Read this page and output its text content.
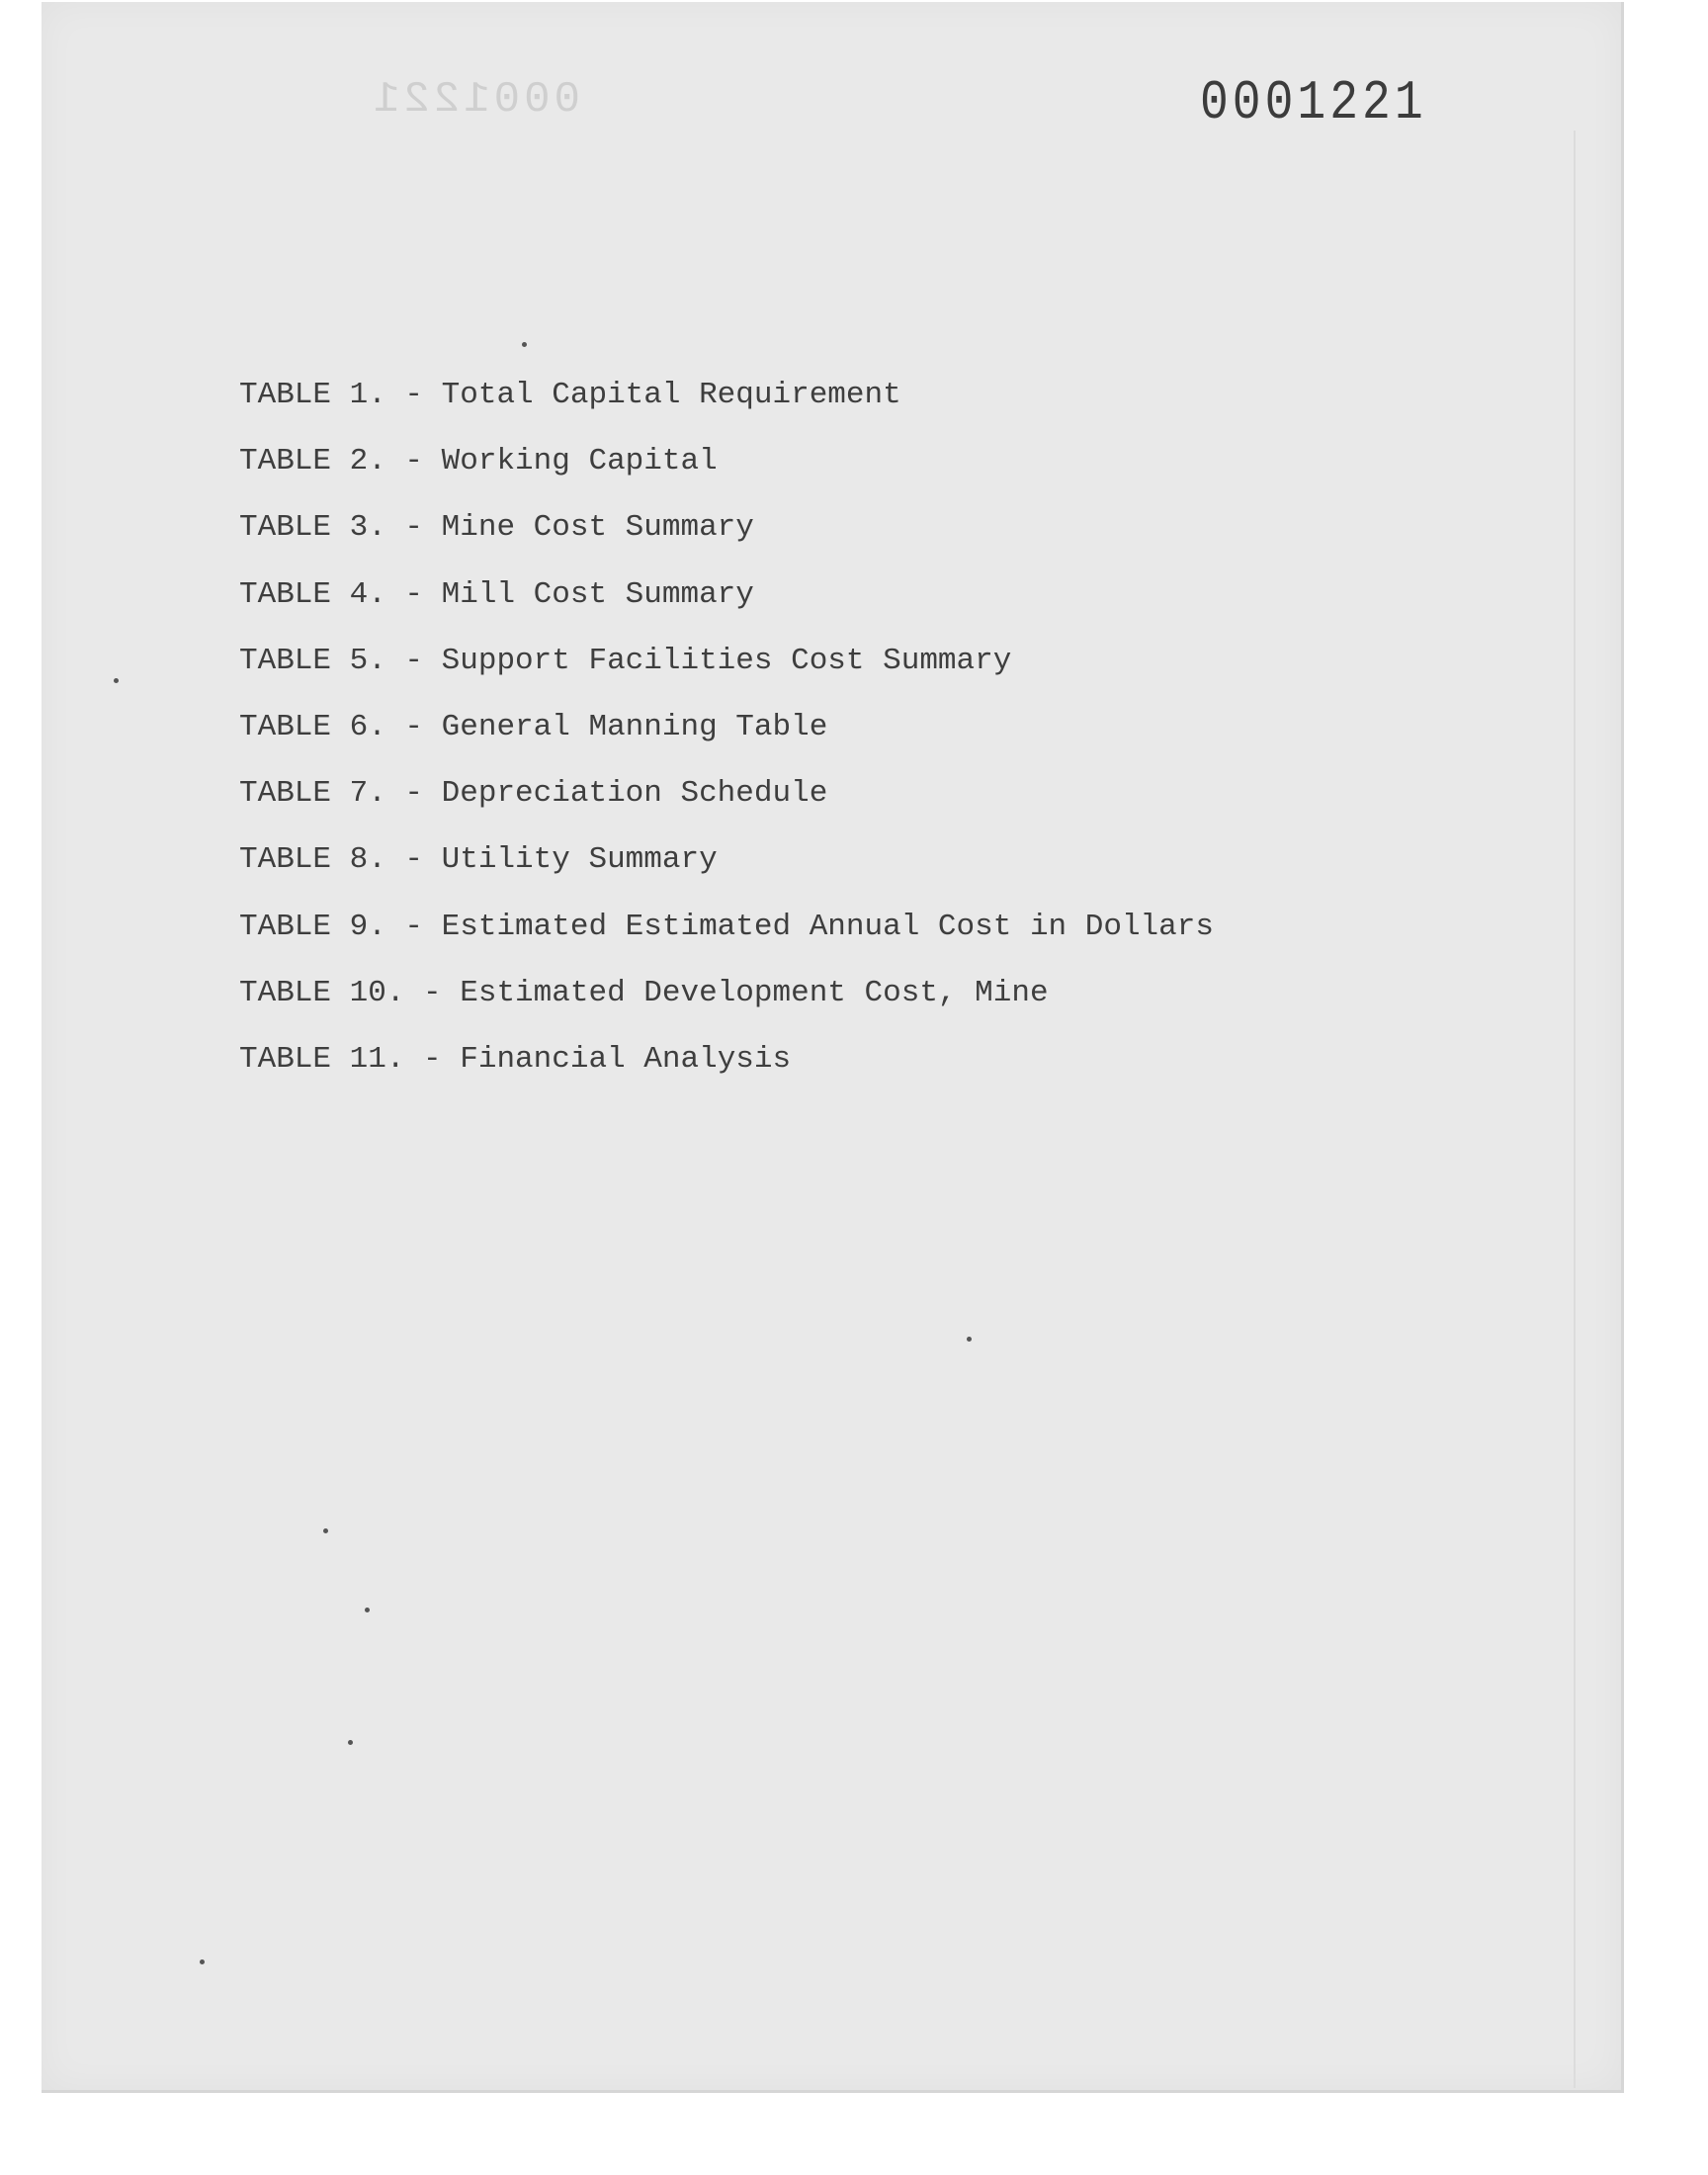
0001221	0001221
TABLE 1. - Total Capital Requirement
TABLE 2. - Working Capital
TABLE 3. - Mine Cost Summary
TABLE 4. - Mill Cost Summary
TABLE 5. - Support Facilities Cost Summary
TABLE 6. - General Manning Table
TABLE 7. - Depreciation Schedule
TABLE 8. - Utility Summary
TABLE 9. - Estimated Estimated Annual Cost in Dollars
TABLE 10. - Estimated Development Cost, Mine
TABLE 11. - Financial Analysis
